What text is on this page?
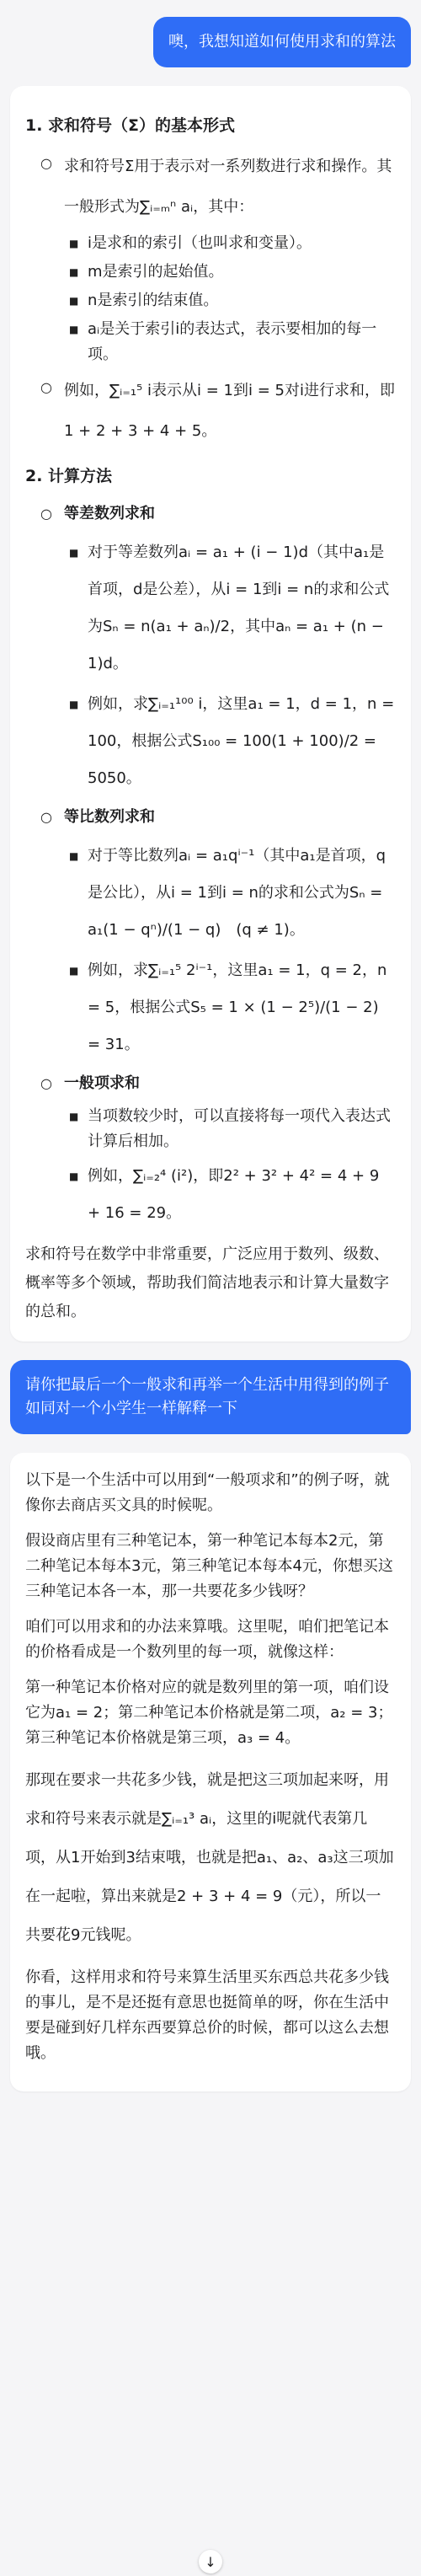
噢，我想知道如何使用求和的算法
1. 求和符号（Σ）的基本形式
○ 求和符号Σ用于表示对一系列数进行求和操作。其一般形式为∑ᵢ₌ₘⁿ aᵢ，其中：
■ i是求和的索引（也叫求和变量）。
■ m是索引的起始值。
■ n是索引的结束值。
■ aᵢ是关于索引i的表达式，表示要相加的每一项。
○ 例如，∑ᵢ₌₁⁵ i表示从i = 1到i = 5对i进行求和，即1 + 2 + 3 + 4 + 5。
2. 计算方法
○ 等差数列求和
■ 对于等差数列aᵢ = a₁ + (i − 1)d（其中a₁是首项，d是公差），从i = 1到i = n的求和公式为Sₙ = n(a₁ + aₙ)/2，其中aₙ = a₁ + (n − 1)d。
■ 例如，求∑ᵢ₌₁¹⁰⁰ i，这里a₁ = 1，d = 1，n = 100，根据公式S₁₀₀ = 100(1 + 100)/2 = 5050。
○ 等比数列求和
■ 对于等比数列aᵢ = a₁qⁱ⁻¹（其中a₁是首项，q是公比），从i = 1到i = n的求和公式为Sₙ = a₁(1 − qⁿ)/(1 − q)　(q ≠ 1)。
■ 例如，求∑ᵢ₌₁⁵ 2ⁱ⁻¹，这里a₁ = 1，q = 2，n = 5，根据公式S₅ = 1 × (1 − 2⁵)/(1 − 2) = 31。
○ 一般项求和
■ 当项数较少时，可以直接将每一项代入表达式计算后相加。
■ 例如，∑ᵢ₌₂⁴ (i²)，即2² + 3² + 4² = 4 + 9 + 16 = 29。
求和符号在数学中非常重要，广泛应用于数列、级数、概率等多个领域，帮助我们简洁地表示和计算大量数字的总和。
请你把最后一个一般求和再举一个生活中用得到的例子如同对一个小学生一样解释一下
以下是一个生活中可以用到“一般项求和”的例子呀，就像你去商店买文具的时候呢。
假设商店里有三种笔记本，第一种笔记本每本2元，第二种笔记本每本3元，第三种笔记本每本4元，你想买这三种笔记本各一本，那一共要花多少钱呀？
咱们可以用求和的办法来算哦。这里呢，咱们把笔记本的价格看成是一个数列里的每一项，就像这样：
第一种笔记本价格对应的就是数列里的第一项，咱们设它为a₁ = 2；第二种笔记本价格就是第二项，a₂ = 3；第三种笔记本价格就是第三项，a₃ = 4。
那现在要求一共花多少钱，就是把这三项加起来呀，用求和符号来表示就是∑ᵢ₌₁³ aᵢ，这里的i呢就代表第几项，从1开始到3结束哦，也就是把a₁、a₂、a₃这三项加在一起啦，算出来就是2 + 3 + 4 = 9（元），所以一共要花9元钱呢。
你看，这样用求和符号来算生活里买东西总共花多少钱的事儿，是不是还挺有意思也挺简单的呀，你在生活中要是碰到好几样东西要算总价的时候，都可以这么去想哦。
↓
